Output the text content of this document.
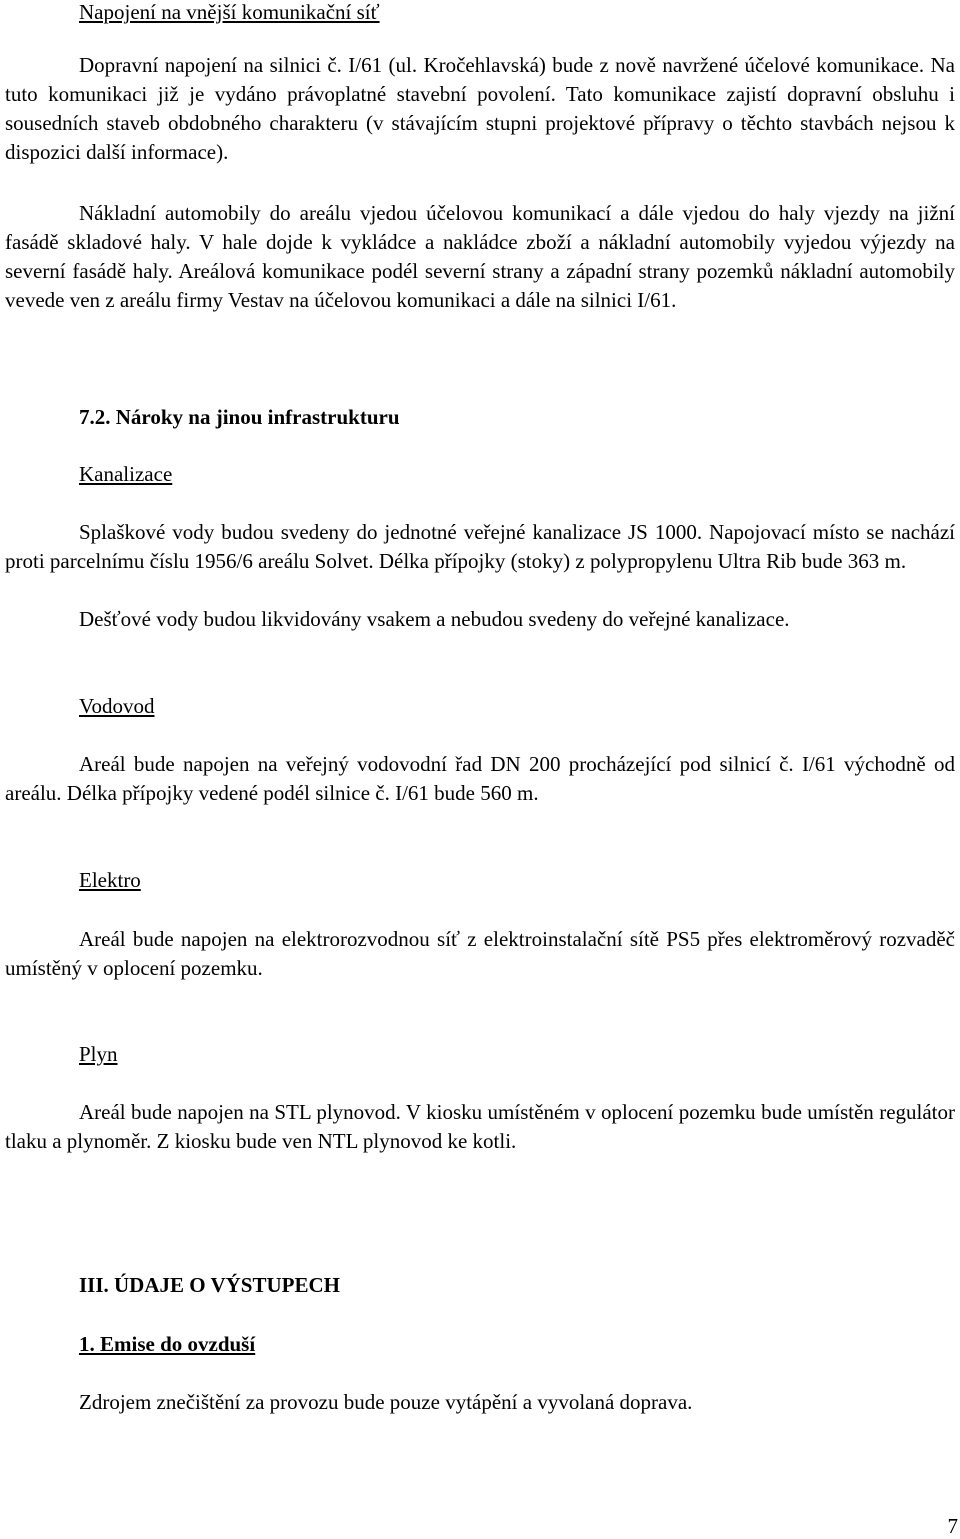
Napojení na vnější komunikační síť

Dopravní napojení na silnici č. I/61 (ul. Kročehlavská) bude z nově navržené účelové komunikace. Na tuto komunikaci již je vydáno právoplatné stavební povolení. Tato komunikace zajistí dopravní obsluhu i sousedních staveb obdobného charakteru (v stávajícím stupni projektové přípravy o těchto stavbách nejsou k dispozici další informace).

Nákladní automobily do areálu vjedou účelovou komunikací a dále vjedou do haly vjezdy na jižní fasádě skladové haly. V hale dojde k vykládce a nakládce zboží a nákladní automobily vyjedou výjezdy na severní fasádě haly. Areálová komunikace podél severní strany a západní strany pozemků nákladní automobily vevede ven z areálu firmy Vestav na účelovou komunikaci a dále na silnici I/61.

7.2. Nároky na jinou infrastrukturu
Kanalizace

Splaškové vody budou svedeny do jednotné veřejné kanalizace JS 1000. Napojovací místo se nachází proti parcelnímu číslu 1956/6 areálu Solvet. Délka přípojky (stoky) z polypropylenu Ultra Rib bude 363 m.

Dešťové vody budou likvidovány vsakem a nebudou svedeny do veřejné kanalizace.

Vodovod

Areál bude napojen na veřejný vodovodní řad DN 200 procházející pod silnicí č. I/61 východně od areálu. Délka přípojky vedené podél silnice č. I/61 bude 560 m.

Elektro

Areál bude napojen na elektrorozvodnou síť z elektroinstalační sítě PS5 přes elektroměrový rozvaděč umístěný v oplocení pozemku.

Plyn

Areál bude napojen na STL plynovod. V kiosku umístěném v oplocení pozemku bude umístěn regulátor tlaku a plynoměr. Z kiosku bude ven NTL plynovod ke kotli.

III. ÚDAJE O VÝSTUPECH
1. Emise do ovzduší

Zdrojem znečištění za provozu bude pouze vytápění a vyvolaná doprava.

7
